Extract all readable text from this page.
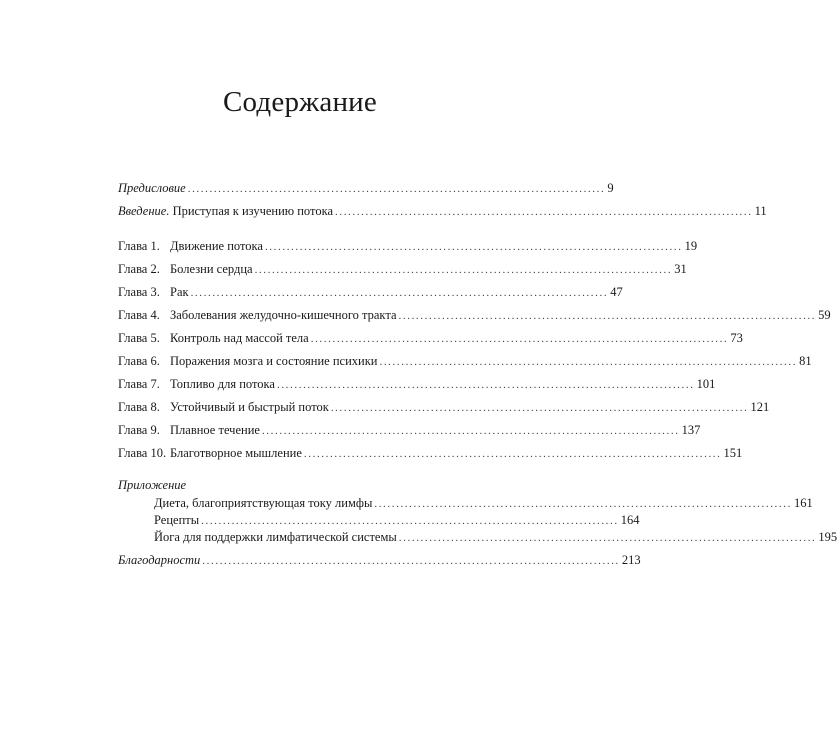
Содержание
Предисловие ................................................................................................ 9
Введение. Приступая к изучению потока ................................................................................................ 11
Глава 1. Движение потока ................................................................................................ 19
Глава 2. Болезни сердца ................................................................................................ 31
Глава 3. Рак ................................................................................................ 47
Глава 4. Заболевания желудочно-кишечного тракта ................................................................................................ 59
Глава 5. Контроль над массой тела ................................................................................................ 73
Глава 6. Поражения мозга и состояние психики ................................................................................................ 81
Глава 7. Топливо для потока ................................................................................................ 101
Глава 8. Устойчивый и быстрый поток ................................................................................................ 121
Глава 9. Плавное течение ................................................................................................ 137
Глава 10. Благотворное мышление ................................................................................................ 151
Приложение
Диета, благоприятствующая току лимфы ................................................................................................ 161
Рецепты ................................................................................................ 164
Йога для поддержки лимфатической системы ................................................................................................ 195
Благодарности ................................................................................................ 213
